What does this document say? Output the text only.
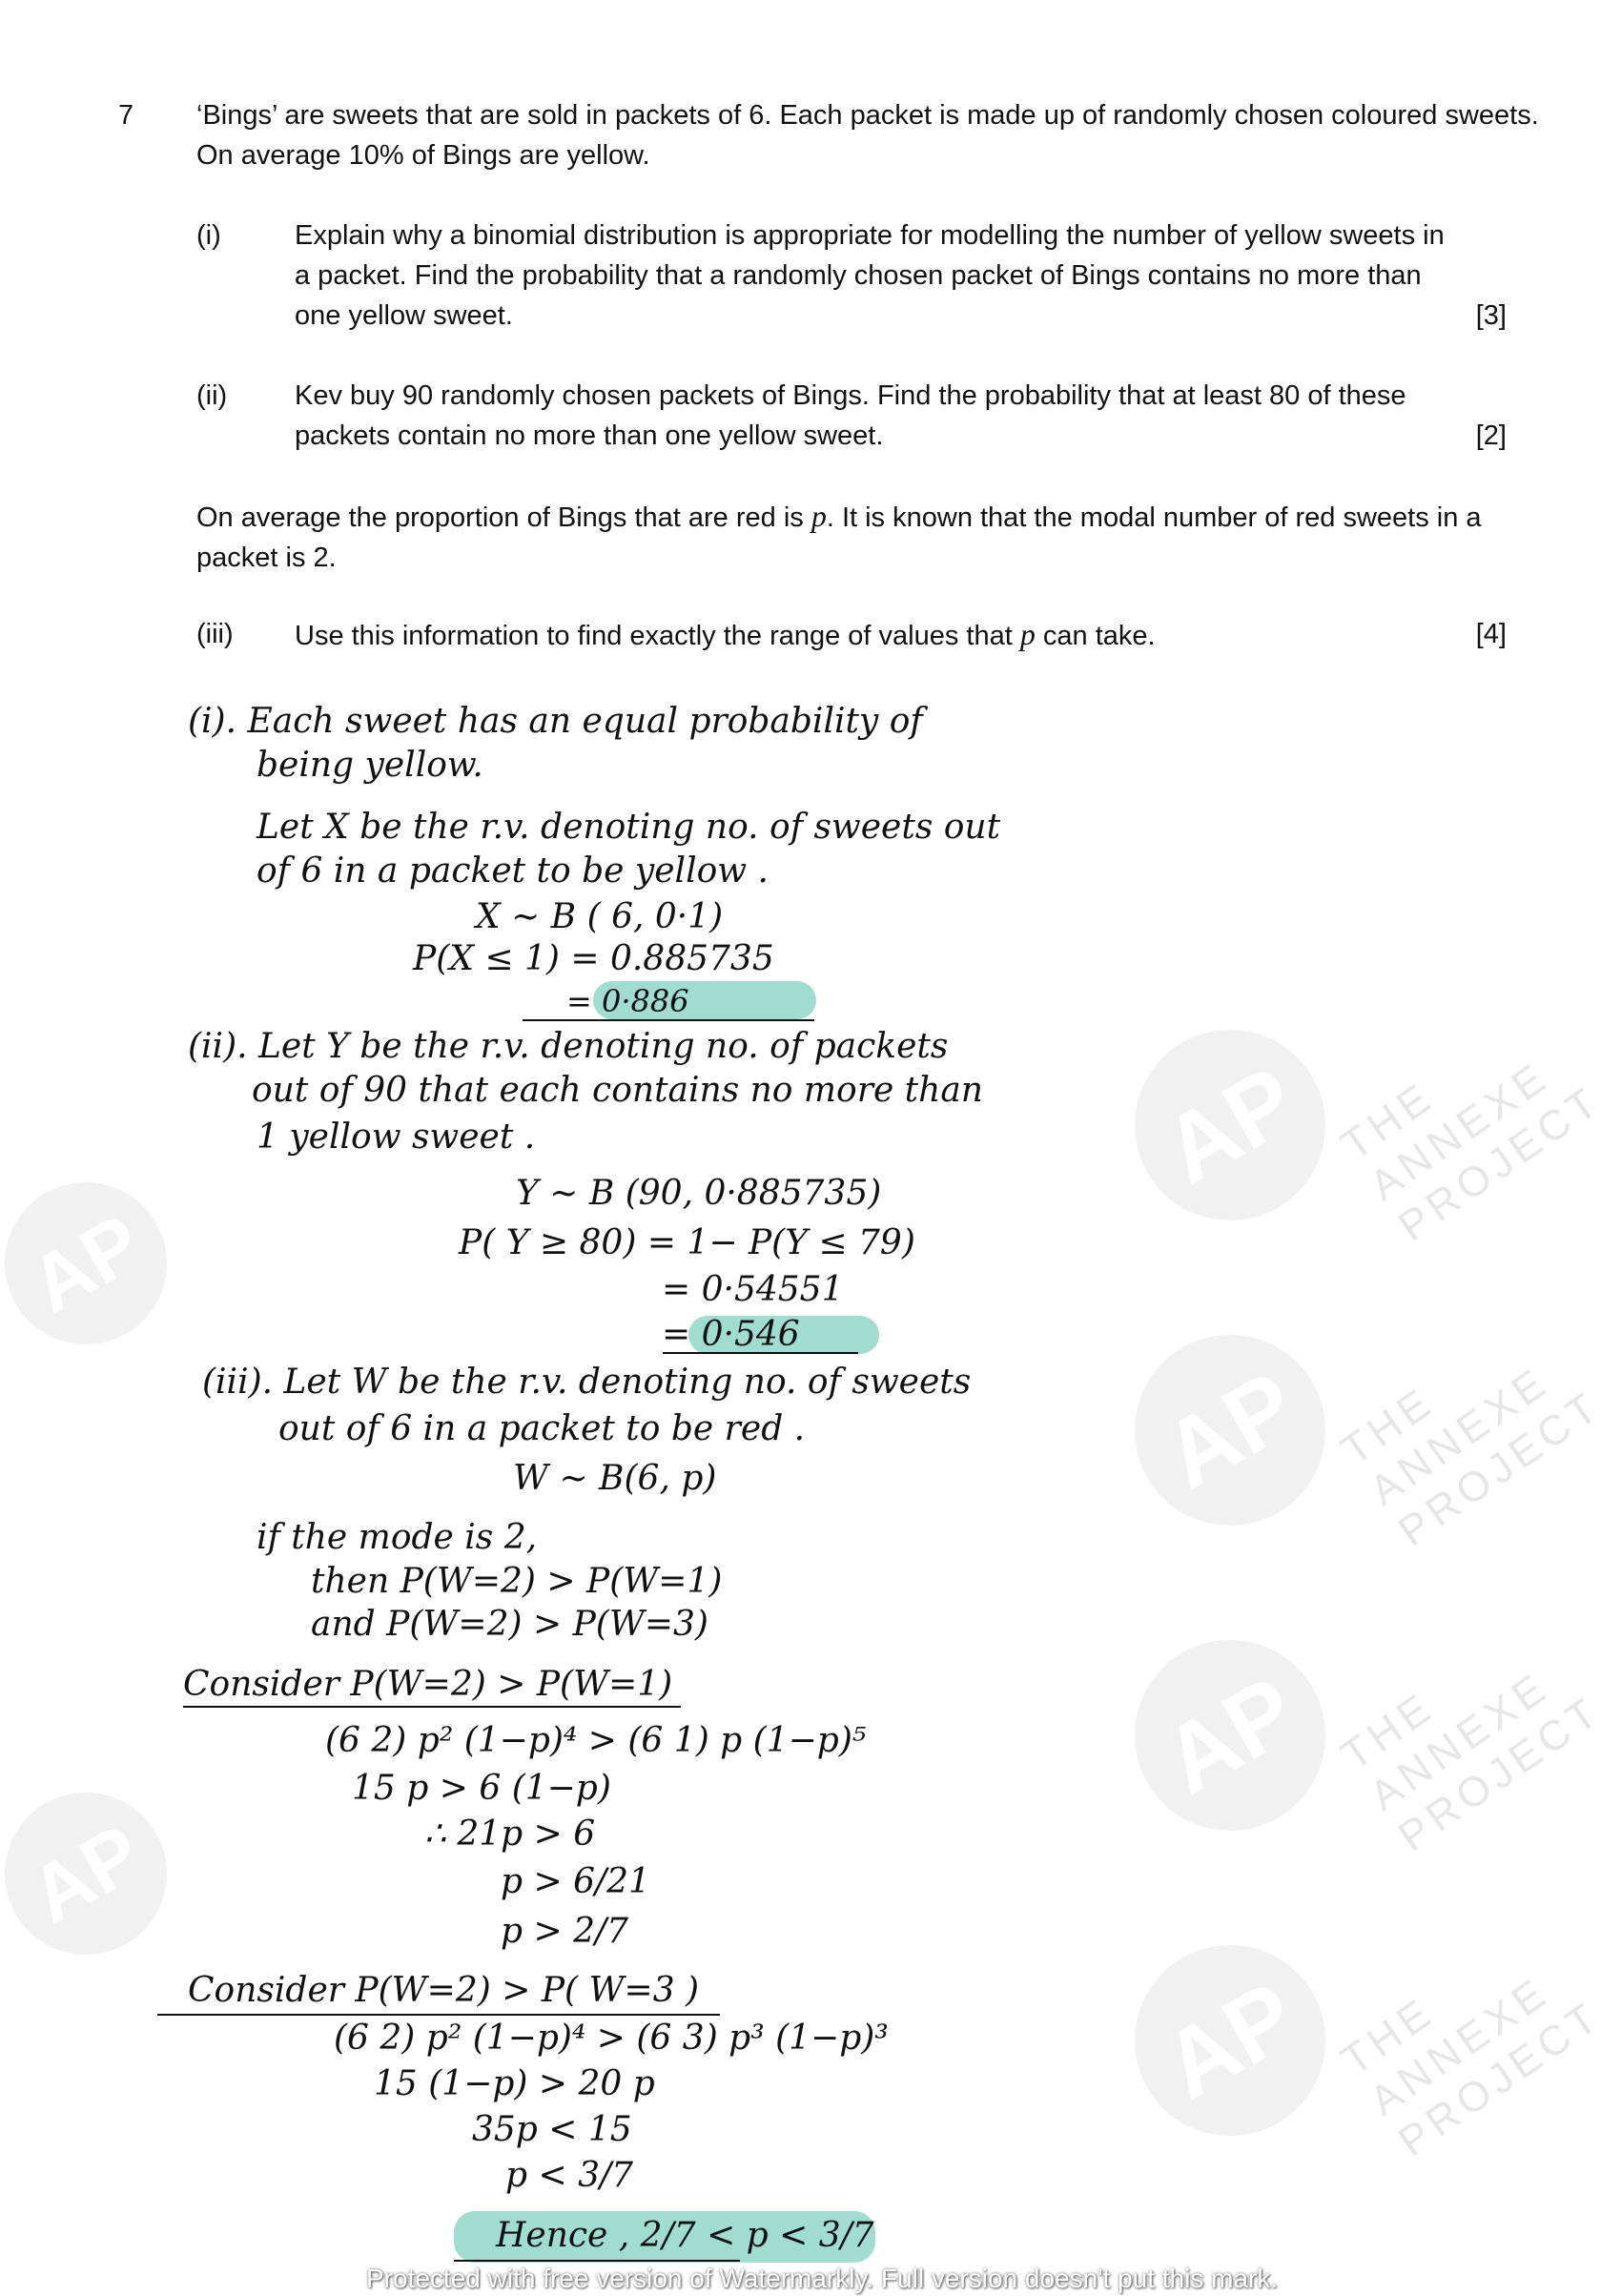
AP
AP
AP
AP
AP
AP
THE
ANNEXE
PROJECT
THE
ANNEXE
PROJECT
THE
ANNEXE
PROJECT
THE
ANNEXE
PROJECT
7 ‘Bings’ are sweets that are sold in packets of 6. Each packet is made up of randomly chosen coloured sweets. On average 10% of Bings are yellow.
(i)	Explain why a binomial distribution is appropriate for modelling the number of yellow sweets in a packet. Find the probability that a randomly chosen packet of Bings contains no more than one yellow sweet.	[3]
(ii) Kev buy 90 randomly chosen packets of Bings. Find the probability that at least 80 of these packets contain no more than one yellow sweet.	[2]
On average the proportion of Bings that are red is p. It is known that the modal number of red sweets in a packet is 2.
(iii) Use this information to find exactly the range of values that p can take.	[4]
(i). Each sweet has an equal probability of
being yellow.
Let X be the r.v. denoting no. of sweets out
of 6 in a packet to be yellow .
X ~ B ( 6, 0·1)
P(X ≤ 1) = 0.885735
= 0·886
(ii). Let Y be the r.v. denoting no. of packets
out of 90 that each contains no more than
1 yellow sweet .
Y ~ B (90, 0·885735)
P( Y ≥ 80) = 1− P(Y ≤ 79)
= 0·54551
= 0·546
(iii). Let W be the r.v. denoting no. of sweets
out of 6 in a packet to be red .
W ~ B(6, p)
if the mode is 2,
then P(W=2) > P(W=1)
and P(W=2) > P(W=3)
Consider P(W=2) > P(W=1)
(6 2) p² (1−p)⁴ > (6 1) p (1−p)⁵
15 p > 6 (1−p)
∴ 21p > 6
p > 6/21
p > 2/7
Consider P(W=2) > P( W=3 )
(6 2) p² (1−p)⁴ > (6 3) p³ (1−p)³
15 (1−p) > 20 p
35p < 15
p < 3/7
Hence , 2/7 < p < 3/7
Protected with free version of Watermarkly. Full version doesn't put this mark.
